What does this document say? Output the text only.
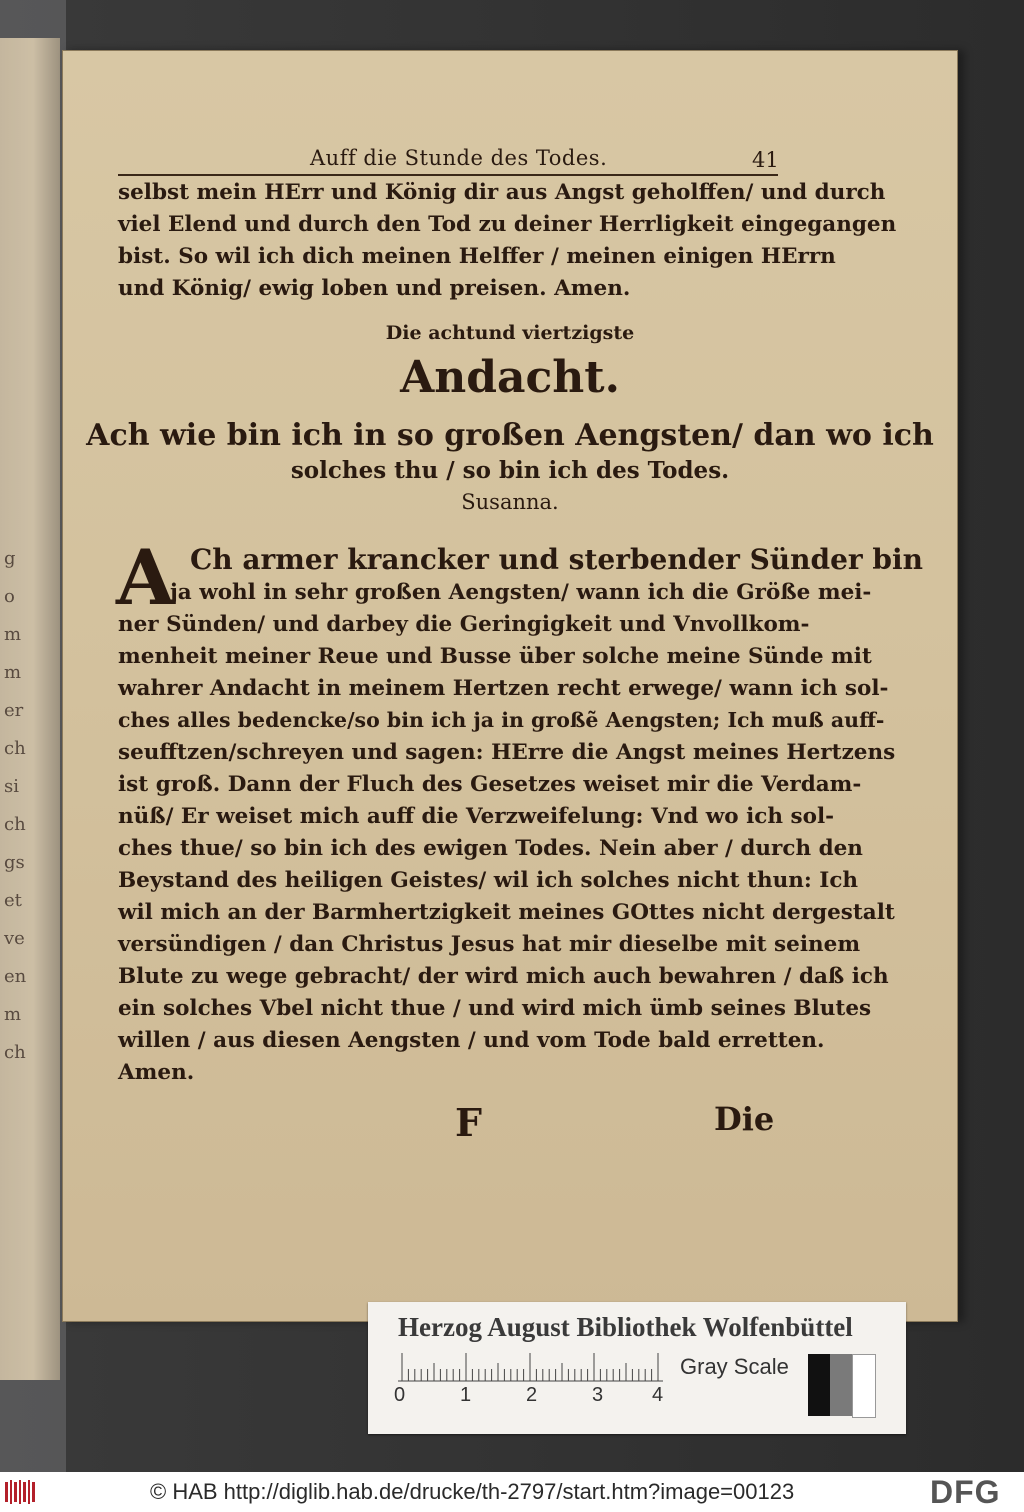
g
o
m
m
er
ch
si
ch
gs
et
ve
en
m
ch
Auff die Stunde des Todes.	41
selbst mein HErr und König dir aus Angst geholffen/ und durch
viel Elend und durch den Tod zu deiner Herrligkeit eingegangen
bist. So wil ich dich meinen Helffer / meinen einigen HErrn
und König/ ewig loben und preisen. Amen.
Die achtund viertzigste
Andacht.
Ach wie bin ich in so großen Aengsten/ dan wo ich
solches thu / so bin ich des Todes.
Susanna.
A Ch armer krancker und sterbender Sünder bin
ja wohl in sehr großen Aengsten/ wann ich die Größe mei-
ner Sünden/ und darbey die Geringigkeit und Vnvollkom-
menheit meiner Reue und Busse über solche meine Sünde mit
wahrer Andacht in meinem Hertzen recht erwege/ wann ich sol-
ches alles bedencke/so bin ich ja in großẽ Aengsten; Ich muß auff-
seufftzen/schreyen und sagen: HErre die Angst meines Hertzens
ist groß. Dann der Fluch des Gesetzes weiset mir die Verdam-
nüß/ Er weiset mich auff die Verzweifelung: Vnd wo ich sol-
ches thue/ so bin ich des ewigen Todes. Nein aber / durch den
Beystand des heiligen Geistes/ wil ich solches nicht thun: Ich
wil mich an der Barmhertzigkeit meines GOttes nicht dergestalt
versündigen / dan Christus Jesus hat mir dieselbe mit seinem
Blute zu wege gebracht/ der wird mich auch bewahren / daß ich
ein solches Vbel nicht thue / und wird mich ümb seines Blutes
willen / aus diesen Aengsten / und vom Tode bald erretten.
Amen.
F	Die
Herzog August Bibliothek Wolfenbüttel
0	1	2	3 4
Gray Scale
© HAB http://diglib.hab.de/drucke/th-2797/start.htm?image=00123	DFG
